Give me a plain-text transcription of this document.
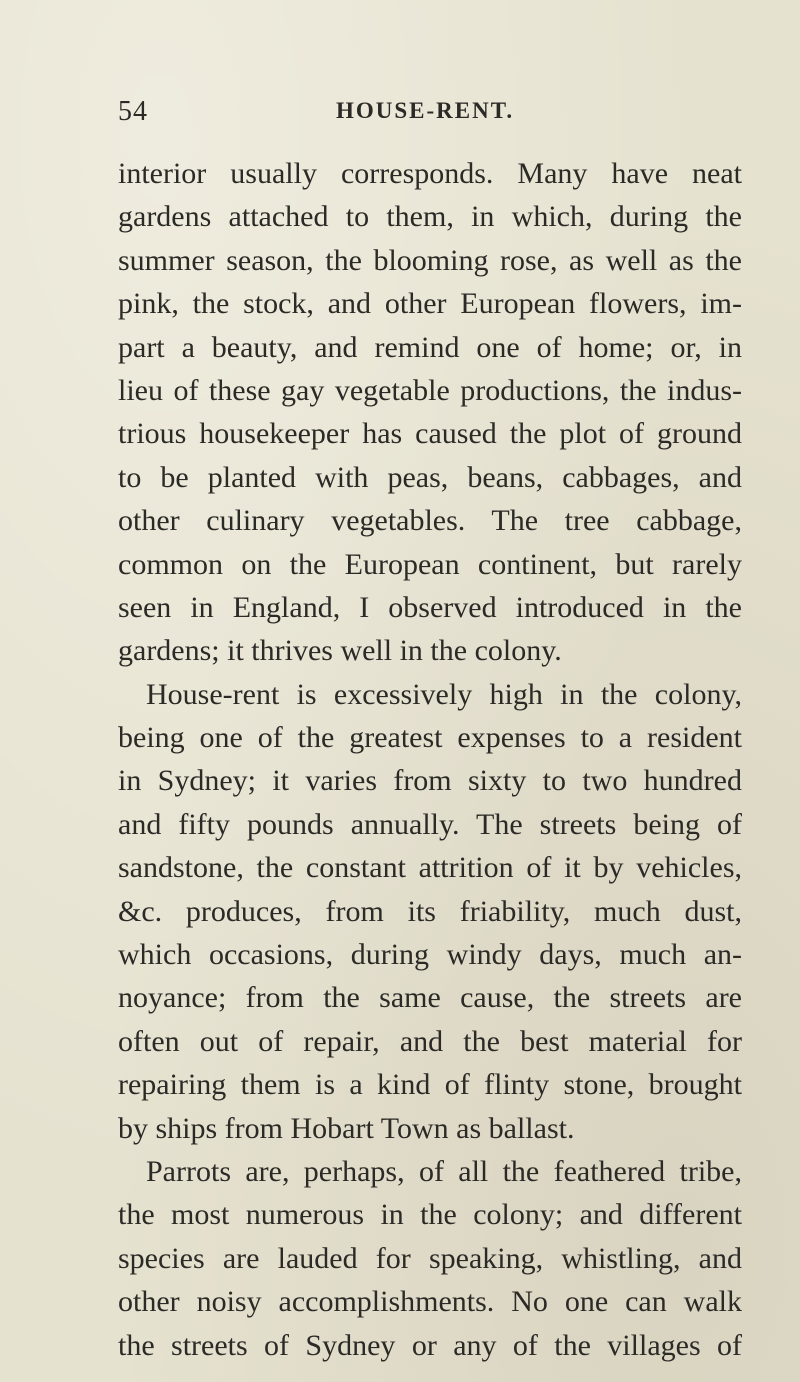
54	HOUSE-RENT.
interior usually corresponds. Many have neat
gardens attached to them, in which, during the
summer season, the blooming rose, as well as the
pink, the stock, and other European flowers, im-
part a beauty, and remind one of home; or, in
lieu of these gay vegetable productions, the indus-
trious housekeeper has caused the plot of ground
to be planted with peas, beans, cabbages, and
other culinary vegetables. The tree cabbage,
common on the European continent, but rarely
seen in England, I observed introduced in the
gardens; it thrives well in the colony.
House-rent is excessively high in the colony,
being one of the greatest expenses to a resident
in Sydney; it varies from sixty to two hundred
and fifty pounds annually. The streets being of
sandstone, the constant attrition of it by vehicles,
&c. produces, from its friability, much dust,
which occasions, during windy days, much an-
noyance; from the same cause, the streets are
often out of repair, and the best material for
repairing them is a kind of flinty stone, brought
by ships from Hobart Town as ballast.
Parrots are, perhaps, of all the feathered tribe,
the most numerous in the colony; and different
species are lauded for speaking, whistling, and
other noisy accomplishments. No one can walk
the streets of Sydney or any of the villages of
